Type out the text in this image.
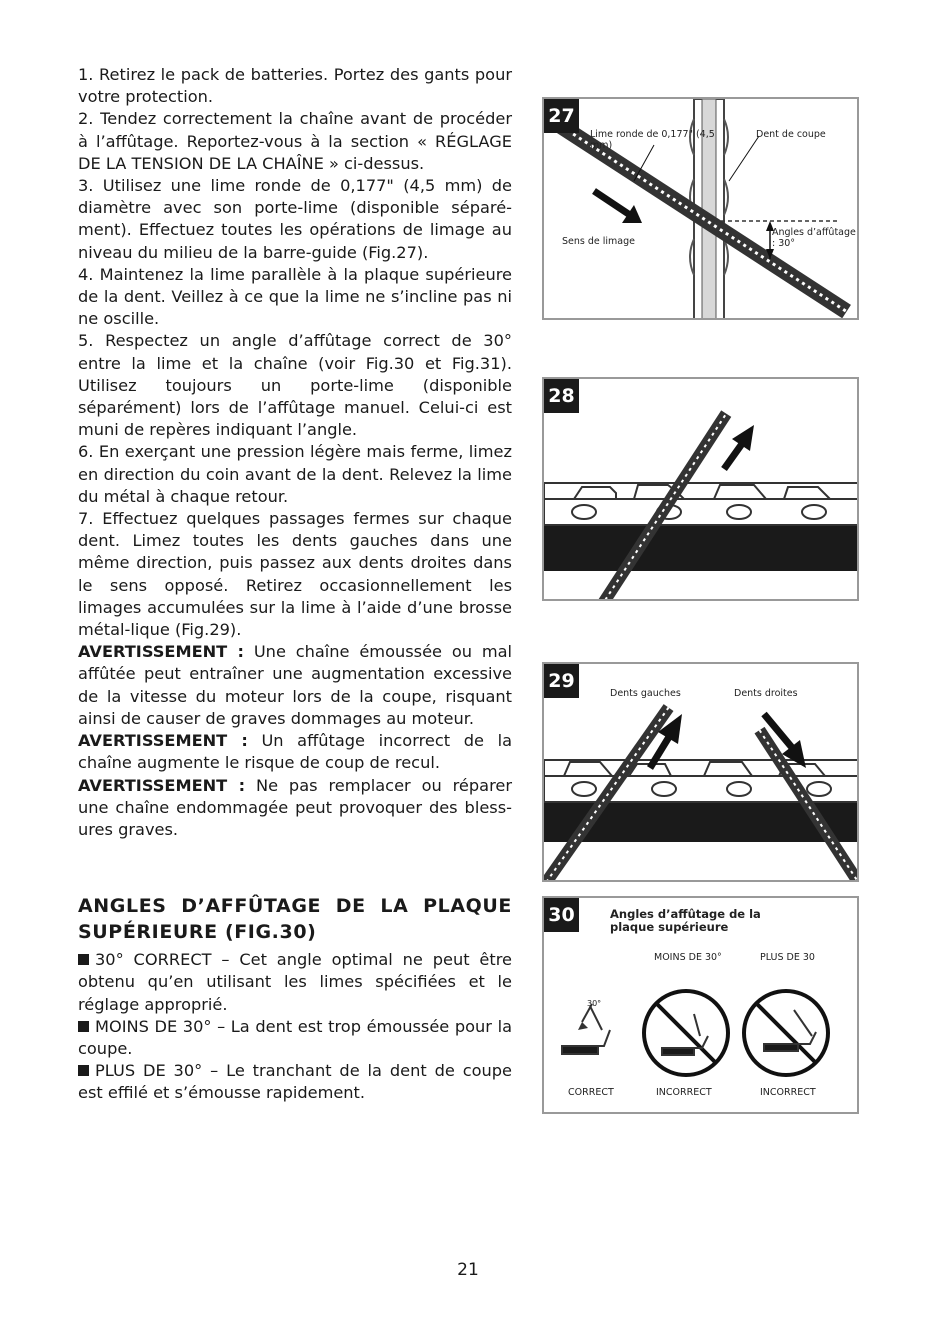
1. Retirez le pack de batteries. Portez des gants pour votre protection.

2. Tendez correctement la chaîne avant de procéder à l’affûtage. Reportez-vous à la section « RÉGLAGE DE LA TENSION DE LA CHAÎNE » ci-dessus.

3. Utilisez une lime ronde de 0,177" (4,5 mm) de diamètre avec son porte-lime (disponible séparé-ment). Effectuez toutes les opérations de limage au niveau du milieu de la barre-guide (Fig.27).

4. Maintenez la lime parallèle à la plaque supérieure de la dent. Veillez à ce que la lime ne s’incline pas ni ne oscille.

5. Respectez un angle d’affûtage correct de 30° entre la lime et la chaîne (voir Fig.30 et Fig.31). Utilisez toujours un porte-lime (disponible séparément) lors de l’affûtage manuel. Celui-ci est muni de repères indiquant l’angle.

6. En exerçant une pression légère mais ferme, limez en direction du coin avant de la dent. Relevez la lime du métal à chaque retour.

7. Effectuez quelques passages fermes sur chaque dent. Limez toutes les dents gauches dans une même direction, puis passez aux dents droites dans le sens opposé. Retirez occasionnellement les limages accumulées sur la lime à l’aide d’une brosse métal-lique (Fig.29).

AVERTISSEMENT : Une chaîne émoussée ou mal affûtée peut entraîner une augmentation excessive de la vitesse du moteur lors de la coupe, risquant ainsi de causer de graves dommages au moteur.

AVERTISSEMENT : Un affûtage incorrect de la chaîne augmente le risque de coup de recul.

AVERTISSEMENT : Ne pas remplacer ou réparer une chaîne endommagée peut provoquer des bless-ures graves.

ANGLES D’AFFÛTAGE DE LA PLAQUE SUPÉRIEURE (FIG.30)

30° CORRECT – Cet angle optimal ne peut être obtenu qu’en utilisant les limes spécifiées et le réglage approprié.

MOINS DE 30° – La dent est trop émoussée pour la coupe.

PLUS DE 30° – Le tranchant de la dent de coupe est effilé et s’émousse rapidement.

27
Lime ronde de 0,177" (4,5 mm)
Dent de coupe
Sens de limage
Angles d’affûtage : 30°
28
29
Dents gauches	Dents droites
30	Angles d’affûtage de la plaque supérieure
MOINS DE 30°	PLUS DE 30
30°
CORRECT	INCORRECT	INCORRECT
21
